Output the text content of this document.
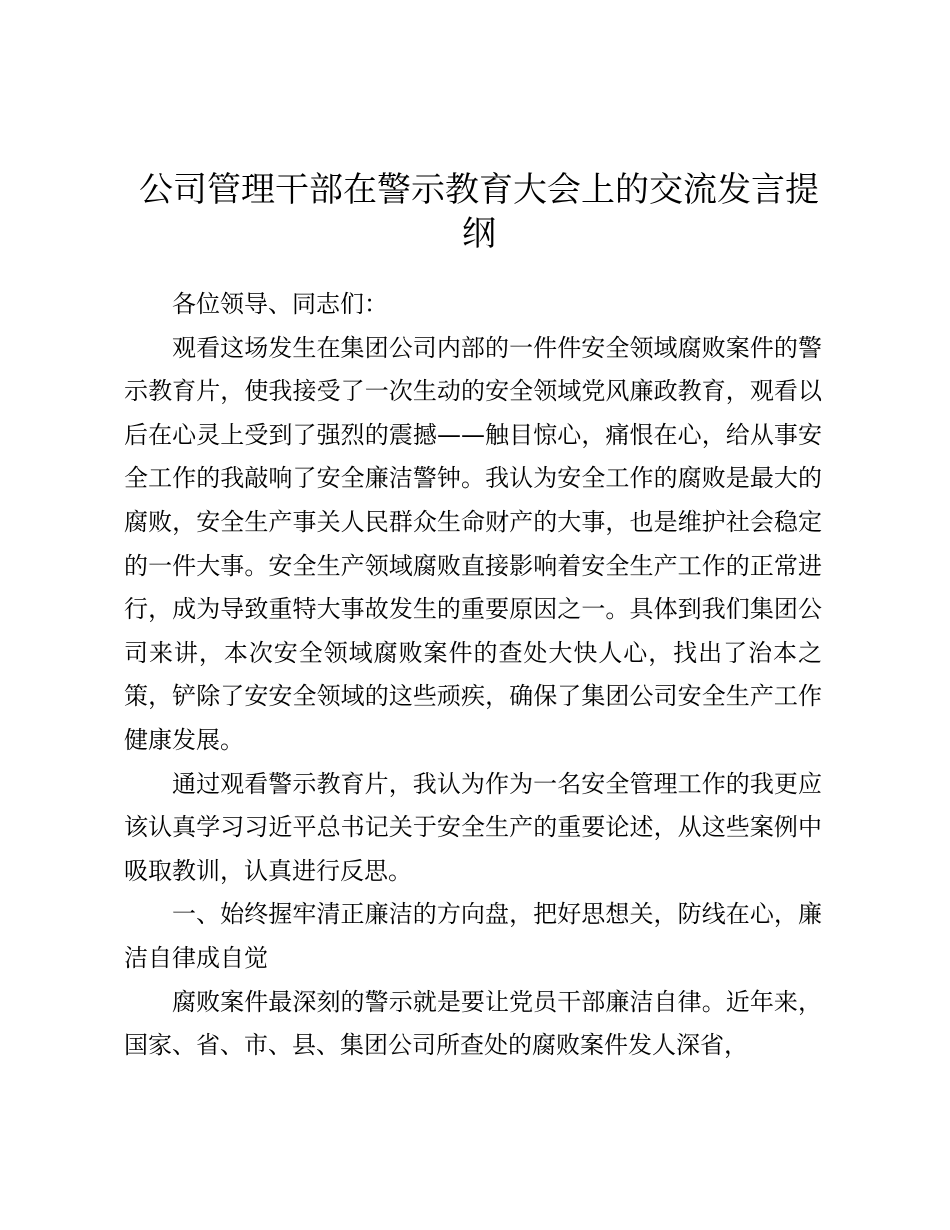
公司管理干部在警示教育大会上的交流发言提纲

各位领导、同志们：

观看这场发生在集团公司内部的一件件安全领域腐败案件的警示教育片，使我接受了一次生动的安全领域党风廉政教育，观看以后在心灵上受到了强烈的震撼——触目惊心，痛恨在心，给从事安全工作的我敲响了安全廉洁警钟。我认为安全工作的腐败是最大的腐败，安全生产事关人民群众生命财产的大事，也是维护社会稳定的一件大事。安全生产领域腐败直接影响着安全生产工作的正常进行，成为导致重特大事故发生的重要原因之一。具体到我们集团公司来讲，本次安全领域腐败案件的查处大快人心，找出了治本之策，铲除了安安全领域的这些顽疾，确保了集团公司安全生产工作健康发展。

通过观看警示教育片，我认为作为一名安全管理工作的我更应该认真学习习近平总书记关于安全生产的重要论述，从这些案例中吸取教训，认真进行反思。

一、始终握牢清正廉洁的方向盘，把好思想关，防线在心，廉洁自律成自觉

腐败案件最深刻的警示就是要让党员干部廉洁自律。近年来，国家、省、市、县、集团公司所查处的腐败案件发人深省，
